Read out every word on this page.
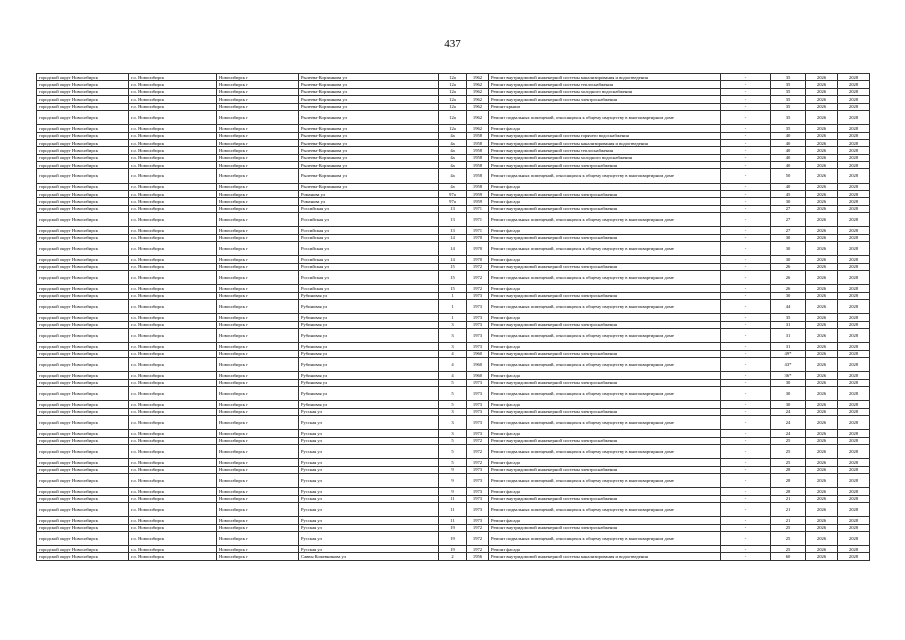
437
городской округ Новосибирск	г.о. Новосибирск	Новосибирск г	Рылеева-Корзинкова ул	12а	1962	Ремонт внутридомовой инженерной системы канализирования и водоотведения	-	35	2026	2028
городской округ Новосибирск	г.о. Новосибирск	Новосибирск г	Рылеева-Корзинкова ул	12а	1962	Ремонт внутридомовой инженерной системы теплоснабжения	-	35	2026	2028
городской округ Новосибирск	г.о. Новосибирск	Новосибирск г	Рылеева-Корзинкова ул	12а	1962	Ремонт внутридомовой инженерной системы холодного водоснабжения	-	35	2026	2028
городской округ Новосибирск	г.о. Новосибирск	Новосибирск г	Рылеева-Корзинкова ул	12а	1962	Ремонт внутридомовой инженерной системы электроснабжения	-	35	2026	2028
городской округ Новосибирск	г.о. Новосибирск	Новосибирск г	Рылеева-Корзинкова ул	12а	1962	Ремонт крыши	-	35	2026	2028
городской округ Новосибирск	г.о. Новосибирск	Новосибирск г	Рылеева-Корзинкова ул	12а	1962	Ремонт подвальных помещений, относящихся к общему имуществу в многоквартирном доме	-	35	2026	2028
городской округ Новосибирск	г.о. Новосибирск	Новосибирск г	Рылеева-Корзинкова ул	12а	1962	Ремонт фасада	-	35	2026	2028
городской округ Новосибирск	г.о. Новосибирск	Новосибирск г	Рылеева-Корзинкова ул	4а	1958	Ремонт внутридомовой инженерной системы горячего водоснабжения	-	40	2026	2028
городской округ Новосибирск	г.о. Новосибирск	Новосибирск г	Рылеева-Корзинкова ул	4а	1958	Ремонт внутридомовой инженерной системы канализирования и водоотведения	-	40	2026	2028
городской округ Новосибирск	г.о. Новосибирск	Новосибирск г	Рылеева-Корзинкова ул	4а	1958	Ремонт внутридомовой инженерной системы теплоснабжения	-	40	2026	2028
городской округ Новосибирск	г.о. Новосибирск	Новосибирск г	Рылеева-Корзинкова ул	4а	1958	Ремонт внутридомовой инженерной системы холодного водоснабжения	-	40	2026	2028
городской округ Новосибирск	г.о. Новосибирск	Новосибирск г	Рылеева-Корзинкова ул	4а	1958	Ремонт внутридомовой инженерной системы электроснабжения	-	40	2026	2028
городской округ Новосибирск	г.о. Новосибирск	Новосибирск г	Рылеева-Корзинкова ул	4а	1958	Ремонт подвальных помещений, относящихся к общему имуществу в многоквартирном доме	-	50	2026	2028
городской округ Новосибирск	г.о. Новосибирск	Новосибирск г	Рылеева-Корзинкова ул	4а	1958	Ремонт фасада	-	40	2026	2028
городской округ Новосибирск	г.о. Новосибирск	Новосибирск г	Романова ул	97а	1959	Ремонт внутридомовой инженерной системы электроснабжения	-	45	2026	2028
городской округ Новосибирск	г.о. Новосибирск	Новосибирск г	Романова ул	97а	1959	Ремонт фасада	-	30	2026	2028
городской округ Новосибирск	г.о. Новосибирск	Новосибирск г	Российская ул	13	1971	Ремонт внутридомовой инженерной системы электроснабжения	-	27	2026	2028
городской округ Новосибирск	г.о. Новосибирск	Новосибирск г	Российская ул	13	1971	Ремонт подвальных помещений, относящихся к общему имуществу в многоквартирном доме	-	27	2026	2028
городской округ Новосибирск	г.о. Новосибирск	Новосибирск г	Российская ул	13	1971	Ремонт фасада	-	27	2026	2028
городской округ Новосибирск	г.о. Новосибирск	Новосибирск г	Российская ул	14	1970	Ремонт внутридомовой инженерной системы электроснабжения	-	30	2026	2028
городской округ Новосибирск	г.о. Новосибирск	Новосибирск г	Российская ул	14	1970	Ремонт подвальных помещений, относящихся к общему имуществу в многоквартирном доме	-	30	2026	2028
городской округ Новосибирск	г.о. Новосибирск	Новосибирск г	Российская ул	14	1970	Ремонт фасада	-	30	2026	2028
городской округ Новосибирск	г.о. Новосибирск	Новосибирск г	Российская ул	15	1972	Ремонт внутридомовой инженерной системы электроснабжения	-	26	2026	2028
городской округ Новосибирск	г.о. Новосибирск	Новосибирск г	Российская ул	15	1972	Ремонт подвальных помещений, относящихся к общему имуществу в многоквартирном доме	-	26	2026	2028
городской округ Новосибирск	г.о. Новосибирск	Новосибирск г	Российская ул	15	1972	Ремонт фасада	-	26	2026	2028
городской округ Новосибирск	г.о. Новосибирск	Новосибирск г	Рубиновая ул	1	1973	Ремонт внутридомовой инженерной системы электроснабжения	-	30	2026	2028
городской округ Новосибирск	г.о. Новосибирск	Новосибирск г	Рубиновая ул	1	1973	Ремонт подвальных помещений, относящихся к общему имуществу в многоквартирном доме	-	44	2026	2028
городской округ Новосибирск	г.о. Новосибирск	Новосибирск г	Рубиновая ул	1	1973	Ремонт фасада	-	35	2026	2028
городской округ Новосибирск	г.о. Новосибирск	Новосибирск г	Рубиновая ул	3	1973	Ремонт внутридомовой инженерной системы электроснабжения	-	31	2026	2028
городской округ Новосибирск	г.о. Новосибирск	Новосибирск г	Рубиновая ул	3	1973	Ремонт подвальных помещений, относящихся к общему имуществу в многоквартирном доме	-	31	2026	2028
городской округ Новосибирск	г.о. Новосибирск	Новосибирск г	Рубиновая ул	3	1973	Ремонт фасада	-	31	2026	2028
городской округ Новосибирск	г.о. Новосибирск	Новосибирск г	Рубиновая ул	4	1960	Ремонт внутридомовой инженерной системы электроснабжения	-	49*	2026	2028
городской округ Новосибирск	г.о. Новосибирск	Новосибирск г	Рубиновая ул	4	1960	Ремонт подвальных помещений, относящихся к общему имуществу в многоквартирном доме	-	43*	2026	2028
городской округ Новосибирск	г.о. Новосибирск	Новосибирск г	Рубиновая ул	4	1960	Ремонт фасада	-	36*	2026	2028
городской округ Новосибирск	г.о. Новосибирск	Новосибирск г	Рубиновая ул	5	1973	Ремонт внутридомовой инженерной системы электроснабжения	-	30	2026	2028
городской округ Новосибирск	г.о. Новосибирск	Новосибирск г	Рубиновая ул	5	1973	Ремонт подвальных помещений, относящихся к общему имуществу в многоквартирном доме	-	30	2026	2028
городской округ Новосибирск	г.о. Новосибирск	Новосибирск г	Рубиновая ул	5	1973	Ремонт фасада	-	30	2026	2028
городской округ Новосибирск	г.о. Новосибирск	Новосибирск г	Русская ул	3	1973	Ремонт внутридомовой инженерной системы электроснабжения	-	24	2026	2028
городской округ Новосибирск	г.о. Новосибирск	Новосибирск г	Русская ул	3	1973	Ремонт подвальных помещений, относящихся к общему имуществу в многоквартирном доме	-	24	2026	2028
городской округ Новосибирск	г.о. Новосибирск	Новосибирск г	Русская ул	3	1973	Ремонт фасада	-	24	2026	2028
городской округ Новосибирск	г.о. Новосибирск	Новосибирск г	Русская ул	5	1972	Ремонт внутридомовой инженерной системы электроснабжения	-	25	2026	2028
городской округ Новосибирск	г.о. Новосибирск	Новосибирск г	Русская ул	5	1972	Ремонт подвальных помещений, относящихся к общему имуществу в многоквартирном доме	-	25	2026	2028
городской округ Новосибирск	г.о. Новосибирск	Новосибирск г	Русская ул	5	1972	Ремонт фасада	-	25	2026	2028
городской округ Новосибирск	г.о. Новосибирск	Новосибирск г	Русская ул	9	1973	Ремонт внутридомовой инженерной системы электроснабжения	-	28	2026	2028
городской округ Новосибирск	г.о. Новосибирск	Новосибирск г	Русская ул	9	1973	Ремонт подвальных помещений, относящихся к общему имуществу в многоквартирном доме	-	28	2026	2028
городской округ Новосибирск	г.о. Новосибирск	Новосибирск г	Русская ул	9	1973	Ремонт фасада	-	28	2026	2028
городской округ Новосибирск	г.о. Новосибирск	Новосибирск г	Русская ул	11	1973	Ремонт внутридомовой инженерной системы электроснабжения	-	21	2026	2028
городской округ Новосибирск	г.о. Новосибирск	Новосибирск г	Русская ул	11	1973	Ремонт подвальных помещений, относящихся к общему имуществу в многоквартирном доме	-	21	2026	2028
городской округ Новосибирск	г.о. Новосибирск	Новосибирск г	Русская ул	11	1973	Ремонт фасада	-	21	2026	2028
городской округ Новосибирск	г.о. Новосибирск	Новосибирск г	Русская ул	19	1972	Ремонт внутридомовой инженерной системы электроснабжения	-	25	2026	2028
городской округ Новосибирск	г.о. Новосибирск	Новосибирск г	Русская ул	19	1972	Ремонт подвальных помещений, относящихся к общему имуществу в многоквартирном доме	-	25	2026	2028
городской округ Новосибирск	г.о. Новосибирск	Новосибирск г	Русская ул	19	1972	Ремонт фасада	-	25	2026	2028
городской округ Новосибирск	г.о. Новосибирск	Новосибирск г	Саввы Кожевникова ул	2	1956	Ремонт внутридомовой инженерной системы канализирования и водоотведения	-	60	2026	2028
